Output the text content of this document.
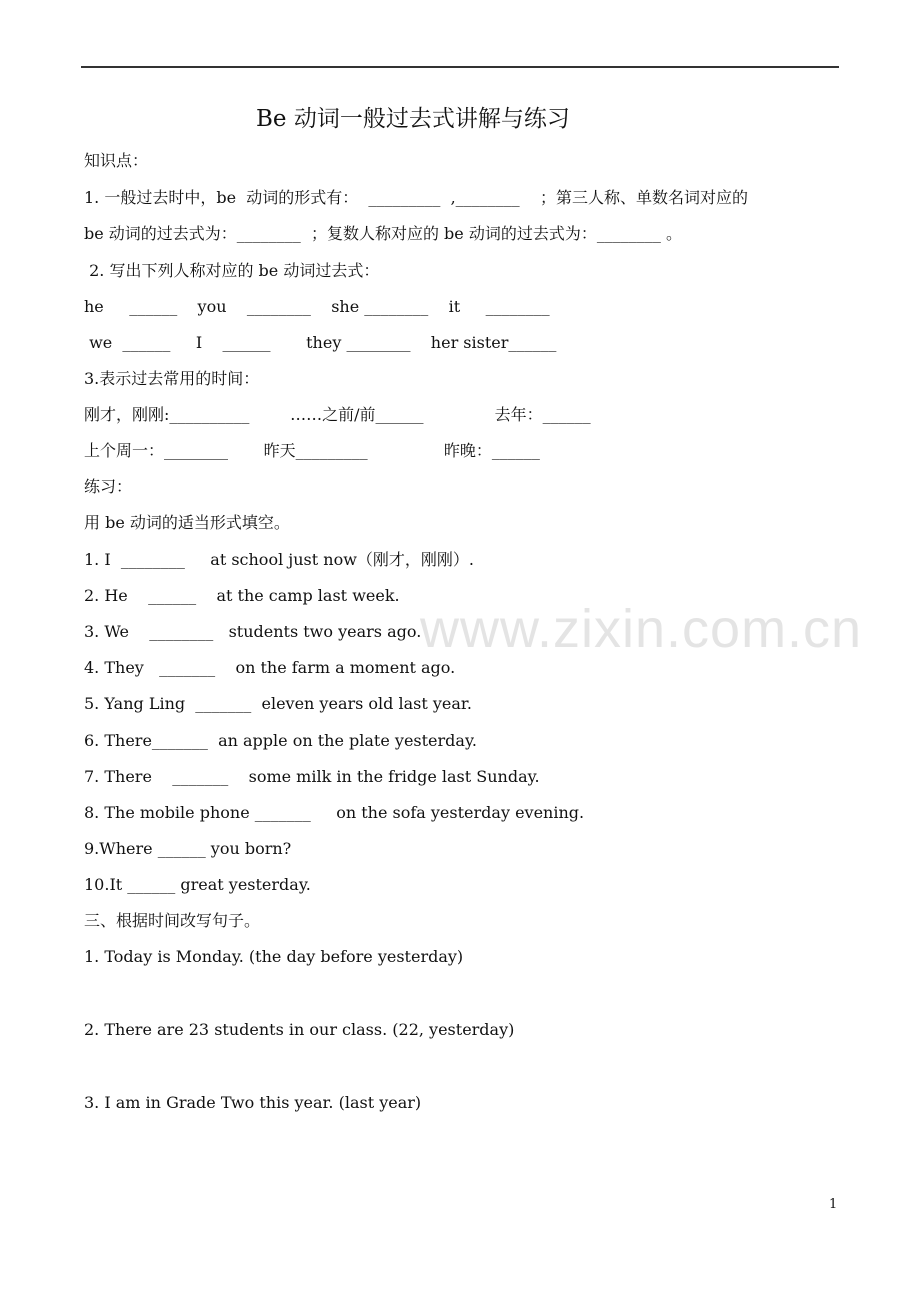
www.zixin.com.cn
Be 动词一般过去式讲解与练习
知识点：
1. 一般过去时中，be  动词的形式有：  _________  ,________    ；第三人称、单数名词对应的
be 动词的过去式为：________  ；复数人称对应的 be 动词的过去式为：________ 。
2. 写出下列人称对应的 be 动词过去式：
he     ______    you    ________    she ________    it     ________
we  ______     I    ______       they ________    her sister______
3.表示过去常用的时间：
刚才，刚刚:__________        ……之前/前______              去年：______
上个周一：________       昨天_________               昨晚：______
练习：
用 be 动词的适当形式填空。
1. I  ________     at school just now（刚才，刚刚）.
2. He    ______    at the camp last week.
3. We    ________   students two years ago.
4. They   _______    on the farm a moment ago.
5. Yang Ling  _______  eleven years old last year.
6. There_______  an apple on the plate yesterday.
7. There    _______    some milk in the fridge last Sunday.
8. The mobile phone _______     on the sofa yesterday evening.
9.Where ______ you born?
10.It ______ great yesterday.
三、根据时间改写句子。
1. Today is Monday. (the day before yesterday)
2. There are 23 students in our class. (22, yesterday)
3. I am in Grade Two this year. (last year)
1
